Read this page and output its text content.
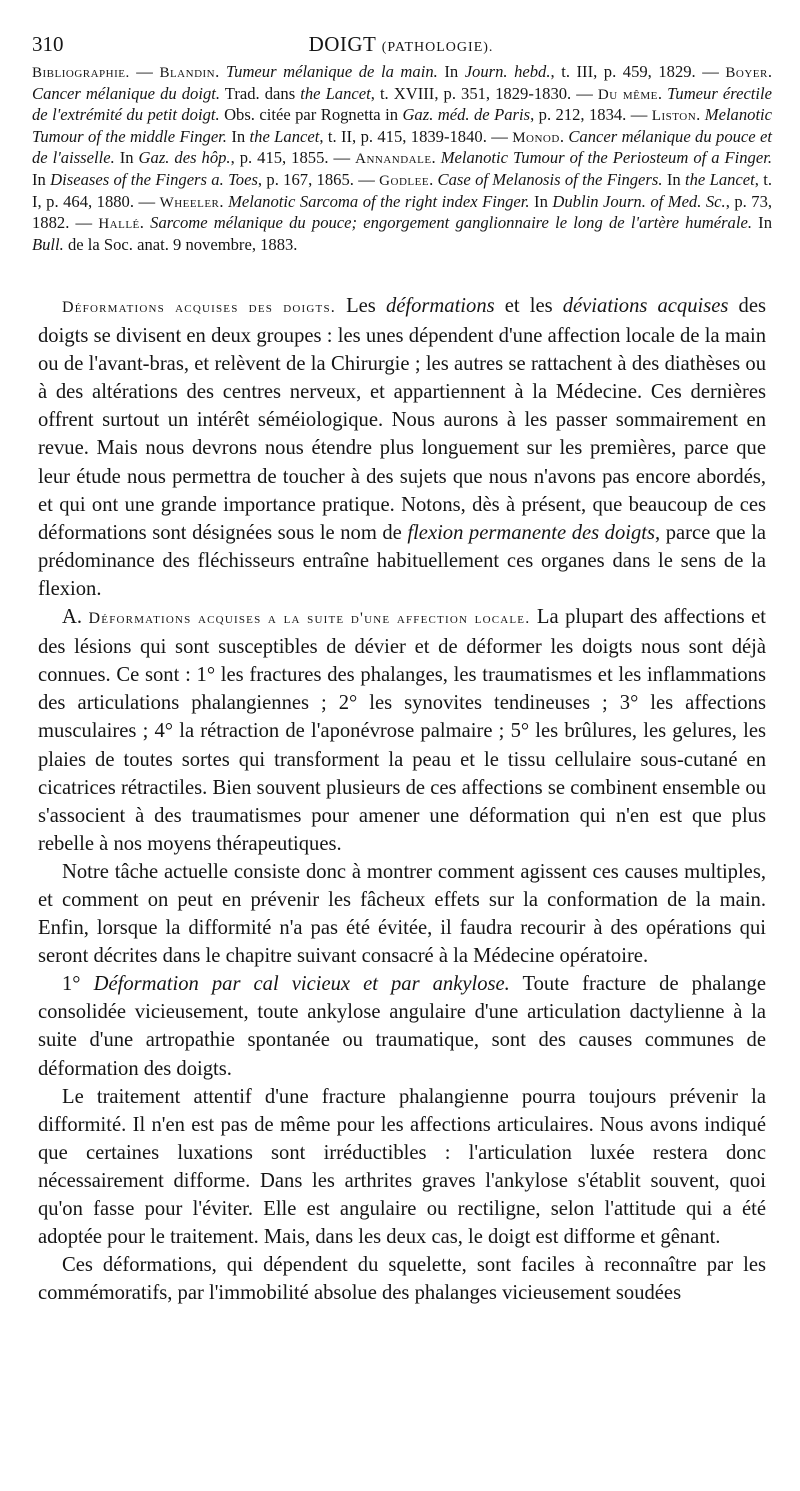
310	DOIGT (PATHOLOGIE).

Bibliographie. — Blandin. Tumeur mélanique de la main. In Journ. hebd., t. III, p. 459, 1829. — Boyer. Cancer mélanique du doigt. Trad. dans the Lancet, t. XVIII, p. 351, 1829-1830. — Du même. Tumeur érectile de l'extrémité du petit doigt. Obs. citée par Rognetta in Gaz. méd. de Paris, p. 212, 1834. — Liston. Melanotic Tumour of the middle Finger. In the Lancet, t. II, p. 415, 1839-1840. — Monod. Cancer mélanique du pouce et de l'aisselle. In Gaz. des hôp., p. 415, 1855. — Annandale. Melanotic Tumour of the Periosteum of a Finger. In Diseases of the Fingers a. Toes, p. 167, 1865. — Godlee. Case of Melanosis of the Fingers. In the Lancet, t. I, p. 464, 1880. — Wheeler. Melanotic Sarcoma of the right index Finger. In Dublin Journ. of Med. Sc., p. 73, 1882. — Hallé. Sarcome mélanique du pouce; engorgement ganglionnaire le long de l'artère humérale. In Bull. de la Soc. anat. 9 novembre, 1883.

Déformations acquises des doigts. Les déformations et les déviations acquises des doigts se divisent en deux groupes : les unes dépendent d'une affection locale de la main ou de l'avant-bras, et relèvent de la Chirurgie ; les autres se rattachent à des diathèses ou à des altérations des centres nerveux, et appartiennent à la Médecine. Ces dernières offrent surtout un intérêt séméiologique. Nous aurons à les passer sommairement en revue. Mais nous devrons nous étendre plus longuement sur les premières, parce que leur étude nous permettra de toucher à des sujets que nous n'avons pas encore abordés, et qui ont une grande importance pratique. Notons, dès à présent, que beaucoup de ces déformations sont désignées sous le nom de flexion permanente des doigts, parce que la prédominance des fléchisseurs entraîne habituellement ces organes dans le sens de la flexion.

A. Déformations acquises a la suite d'une affection locale. La plupart des affections et des lésions qui sont susceptibles de dévier et de déformer les doigts nous sont déjà connues. Ce sont : 1° les fractures des phalanges, les traumatismes et les inflammations des articulations phalangiennes ; 2° les synovites tendineuses ; 3° les affections musculaires ; 4° la rétraction de l'aponévrose palmaire ; 5° les brûlures, les gelures, les plaies de toutes sortes qui transforment la peau et le tissu cellulaire sous-cutané en cicatrices rétractiles. Bien souvent plusieurs de ces affections se combinent ensemble ou s'associent à des traumatismes pour amener une déformation qui n'en est que plus rebelle à nos moyens thérapeutiques.

Notre tâche actuelle consiste donc à montrer comment agissent ces causes multiples, et comment on peut en prévenir les fâcheux effets sur la conformation de la main. Enfin, lorsque la difformité n'a pas été évitée, il faudra recourir à des opérations qui seront décrites dans le chapitre suivant consacré à la Médecine opératoire.

1° Déformation par cal vicieux et par ankylose. Toute fracture de phalange consolidée vicieusement, toute ankylose angulaire d'une articulation dactylienne à la suite d'une artropathie spontanée ou traumatique, sont des causes communes de déformation des doigts.

Le traitement attentif d'une fracture phalangienne pourra toujours prévenir la difformité. Il n'en est pas de même pour les affections articulaires. Nous avons indiqué que certaines luxations sont irréductibles : l'articulation luxée restera donc nécessairement difforme. Dans les arthrites graves l'ankylose s'établit souvent, quoi qu'on fasse pour l'éviter. Elle est angulaire ou rectiligne, selon l'attitude qui a été adoptée pour le traitement. Mais, dans les deux cas, le doigt est difforme et gênant.

Ces déformations, qui dépendent du squelette, sont faciles à reconnaître par les commémoratifs, par l'immobilité absolue des phalanges vicieusement soudées
